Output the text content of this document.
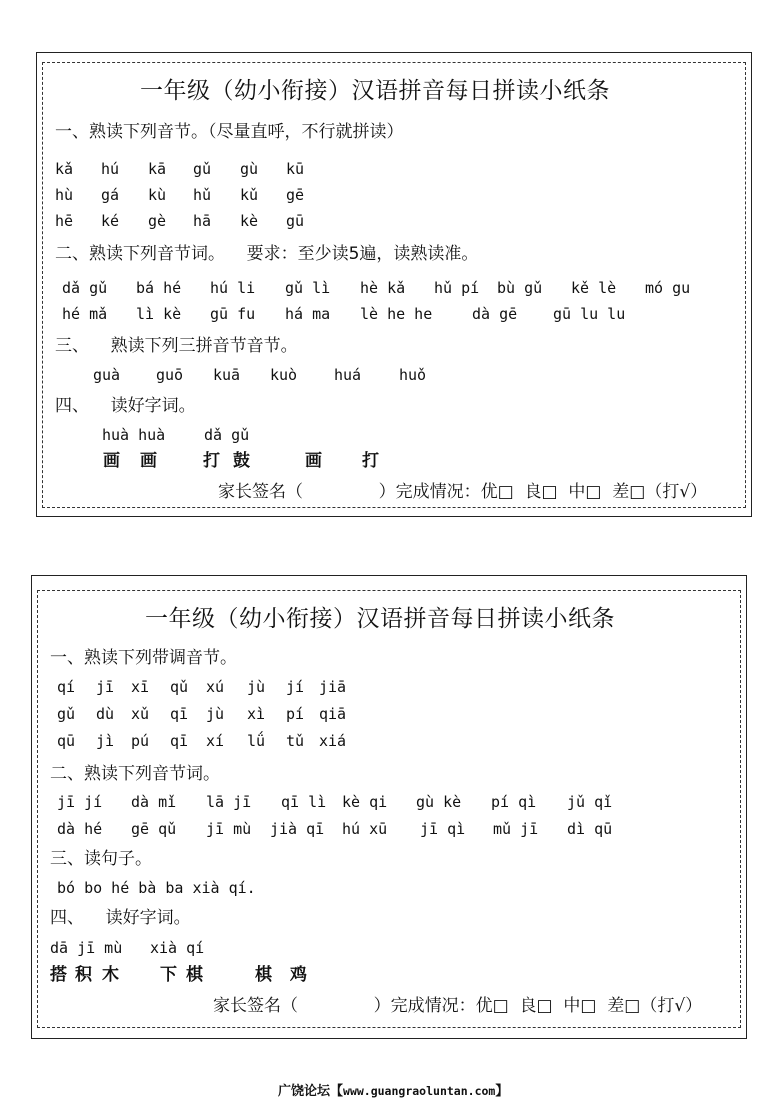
一年级（幼小衔接）汉语拼音每日拼读小纸条
一、熟读下列音节。（尽量直呼，不行就拼读）
kǎ hú kā gǔ gù kū
hù gá kù hǔ kǔ gē
hē ké gè hā kè gū
二、熟读下列音节词。    要求：至少读5遍，读熟读准。
dǎ gǔ bá hé hú li gǔ lì hè kǎ hǔ pí bù gǔ kě lè mó gu
hé mǎ lì kè gū fu há ma lè he he	dà gē gū lu lu
三、    熟读下列三拼音节音节。
guà guō kuā kuò huá	huǒ
四、    读好字词。
huà huà	dǎ gǔ
画 画	打 鼓	画 打
家长签名（              ）完成情况：优□  良□  中□  差□（打√）
一年级（幼小衔接）汉语拼音每日拼读小纸条
一、熟读下列带调音节。
qí jī xī qǔ xú jù jí jiā
gǔ dù xǔ qī jù xì pí qiā
qū jì pú qī xí lǘ tǔ xiá
二、熟读下列音节词。
jī jí dà mǐ lā jī qī lì kè qi gù kè pí qì jǔ qǐ
dà hé gē qǔ jī mù jià qī hú xū jī qì mǔ jī dì qū
三、读句子。
bó bo hé bà ba xià qí.
四、    读好字词。
dā jī mù xià qí
搭 积 木 下 棋	棋 鸡
家长签名（              ）完成情况：优□  良□  中□  差□（打√）
广饶论坛【www.guangraoluntan.com】
